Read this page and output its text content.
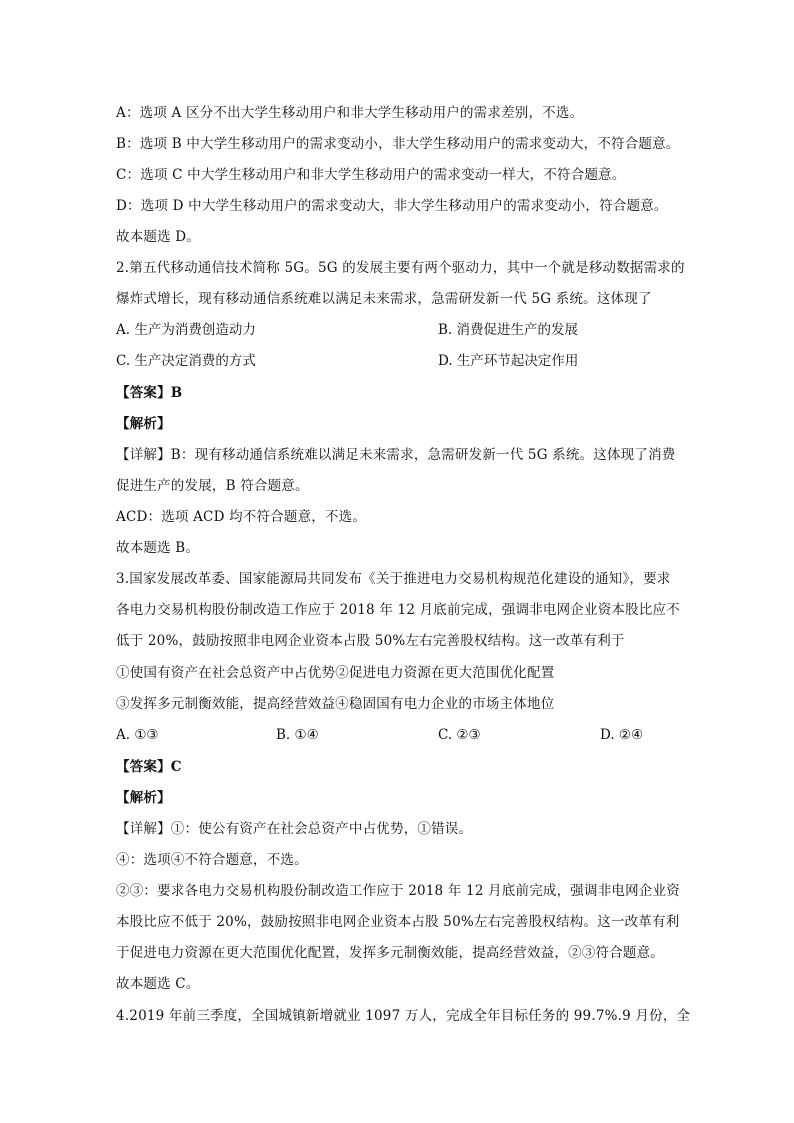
A：选项 A 区分不出大学生移动用户和非大学生移动用户的需求差别，不选。
B：选项 B 中大学生移动用户的需求变动小，非大学生移动用户的需求变动大，不符合题意。
C：选项 C 中大学生移动用户和非大学生移动用户的需求变动一样大，不符合题意。
D：选项 D 中大学生移动用户的需求变动大，非大学生移动用户的需求变动小，符合题意。
故本题选 D。
2.第五代移动通信技术简称 5G。5G 的发展主要有两个驱动力，其中一个就是移动数据需求的
爆炸式增长，现有移动通信系统难以满足未来需求，急需研发新一代 5G 系统。这体现了
A. 生产为消费创造动力	B. 消费促进生产的发展
C. 生产决定消费的方式	D. 生产环节起决定作用
【答案】B
【解析】
【详解】B：现有移动通信系统难以满足未来需求，急需研发新一代 5G 系统。这体现了消费
促进生产的发展，B 符合题意。
ACD：选项 ACD 均不符合题意，不选。
故本题选 B。
3.国家发展改革委、国家能源局共同发布《关于推进电力交易机构规范化建设的通知》，要求
各电力交易机构股份制改造工作应于 2018 年 12 月底前完成，强调非电网企业资本股比应不
低于 20%，鼓励按照非电网企业资本占股 50%左右完善股权结构。这一改革有利于
①使国有资产在社会总资产中占优势②促进电力资源在更大范围优化配置
③发挥多元制衡效能，提高经营效益④稳固国有电力企业的市场主体地位
A. ①③	B. ①④	C. ②③	D. ②④
【答案】C
【解析】
【详解】①：使公有资产在社会总资产中占优势，①错误。
④：选项④不符合题意，不选。
②③：要求各电力交易机构股份制改造工作应于 2018 年 12 月底前完成，强调非电网企业资
本股比应不低于 20%，鼓励按照非电网企业资本占股 50%左右完善股权结构。这一改革有利
于促进电力资源在更大范围优化配置，发挥多元制衡效能，提高经营效益，②③符合题意。
故本题选 C。
4.2019 年前三季度，全国城镇新增就业 1097 万人，完成全年目标任务的 99.7%.9 月份，全
